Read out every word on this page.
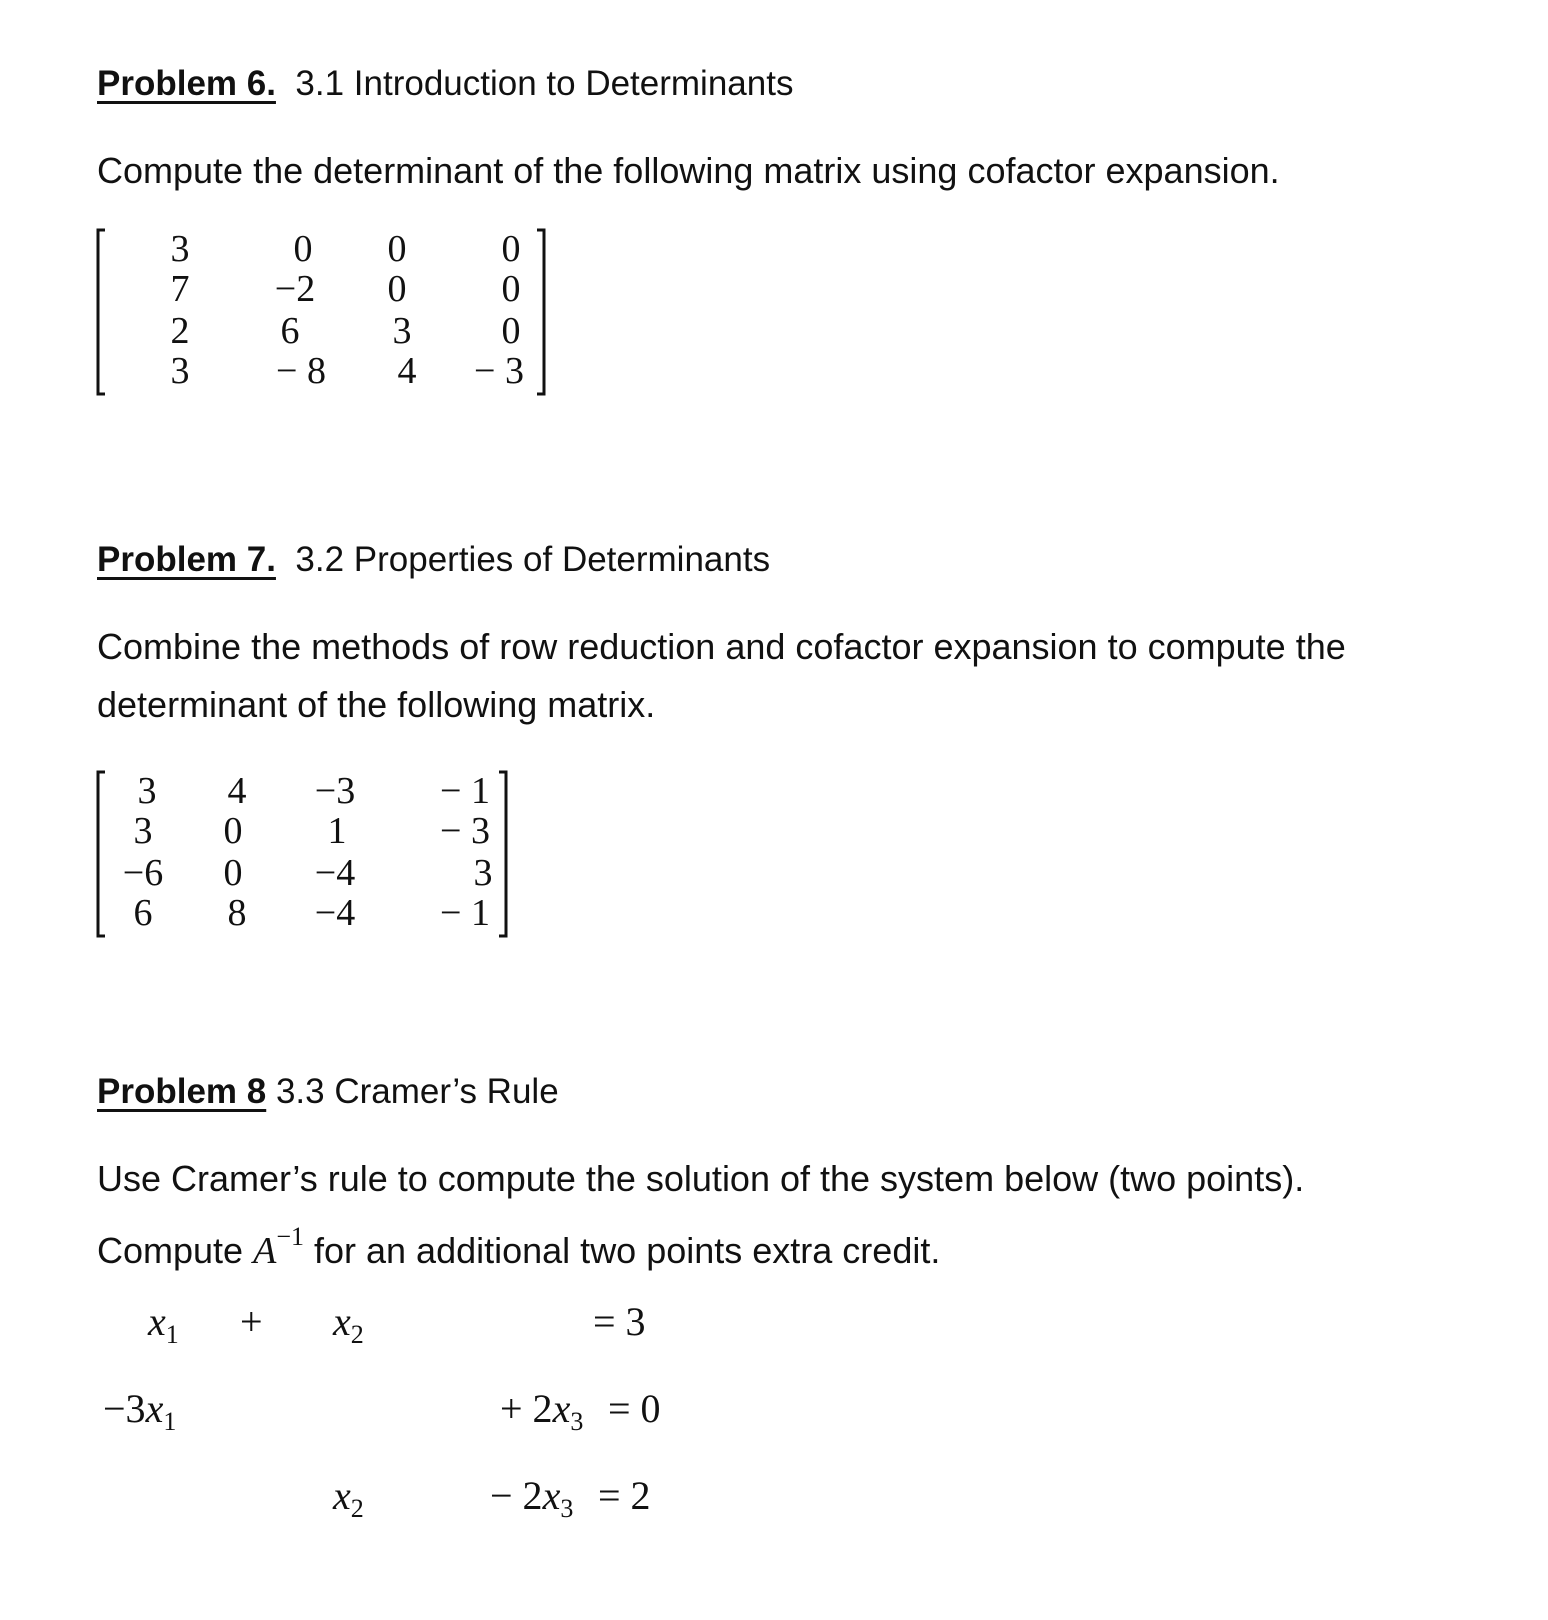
Problem 6. 3.1 Introduction to Determinants
Compute the determinant of the following matrix using cofactor expansion.
3	0	0	0
7	−2	0	0
2	6	3	0
3	− 8	4	− 3
Problem 7. 3.2 Properties of Determinants
Combine the methods of row reduction and cofactor expansion to compute the
determinant of the following matrix.
3	4	−3	− 1
3	0	1	− 3
−6	0	−4	3
6	8	−4	− 1
Problem 8 3.3 Cramer’s Rule
Use Cramer’s rule to compute the solution of the system below (two points).
Compute $A^{-1}$ for an additional two points extra credit.
$x_1 + x_2$	= 3
$-3x_1$	+ $2x_3 = 0$
$x_2$	− $2x_3 = 2$
